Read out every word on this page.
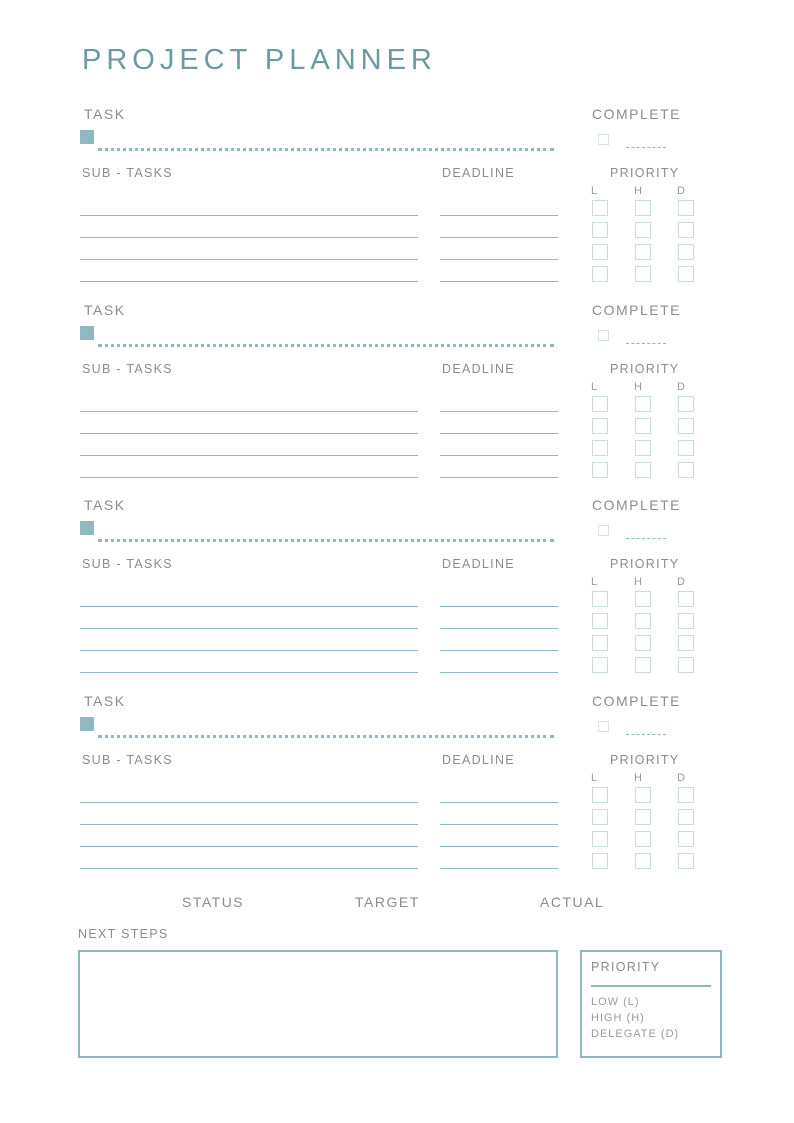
PROJECT PLANNER
TASK	COMPLETE
SUB - TASKS	DEADLINE	PRIORITY
L	H	D
TASK	COMPLETE
SUB - TASKS	DEADLINE	PRIORITY
L	H	D
TASK	COMPLETE
SUB - TASKS	DEADLINE	PRIORITY
L	H	D
TASK	COMPLETE
SUB - TASKS	DEADLINE	PRIORITY
L	H	D
STATUS	TARGET	ACTUAL
NEXT STEPS
PRIORITY
LOW (L)
HIGH (H)
DELEGATE (D)
